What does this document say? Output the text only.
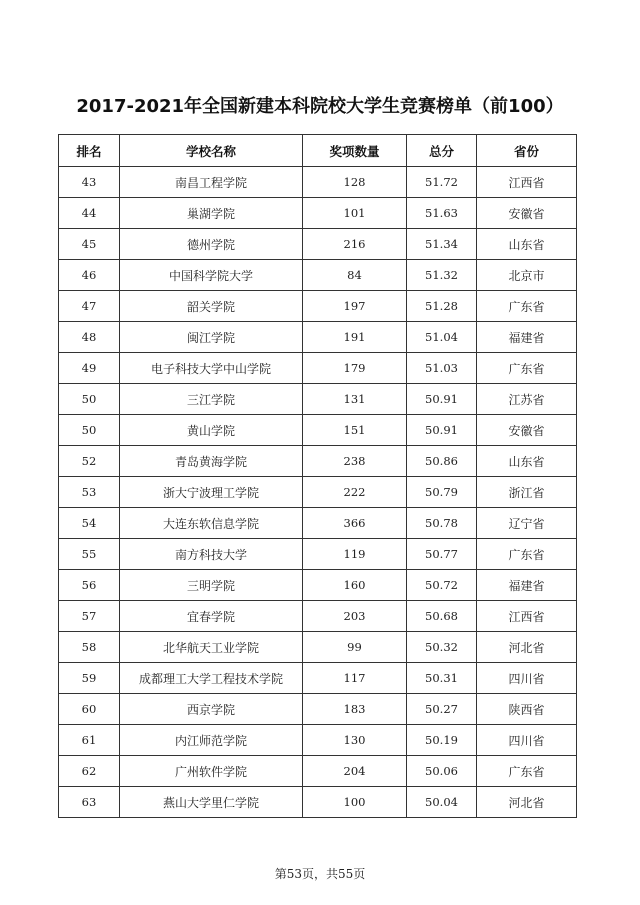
2017-2021年全国新建本科院校大学生竞赛榜单（前100）
排名	学校名称	奖项数量	总分	省份
43	南昌工程学院	128	51.72	江西省
44	巢湖学院	101	51.63	安徽省
45	德州学院	216	51.34	山东省
46	中国科学院大学	84	51.32	北京市
47	韶关学院	197	51.28	广东省
48	闽江学院	191	51.04	福建省
49	电子科技大学中山学院	179	51.03	广东省
50	三江学院	131	50.91	江苏省
50	黄山学院	151	50.91	安徽省
52	青岛黄海学院	238	50.86	山东省
53	浙大宁波理工学院	222	50.79	浙江省
54	大连东软信息学院	366	50.78	辽宁省
55	南方科技大学	119	50.77	广东省
56	三明学院	160	50.72	福建省
57	宜春学院	203	50.68	江西省
58	北华航天工业学院	99	50.32	河北省
59	成都理工大学工程技术学院	117	50.31	四川省
60	西京学院	183	50.27	陕西省
61	内江师范学院	130	50.19	四川省
62	广州软件学院	204	50.06	广东省
63	燕山大学里仁学院	100	50.04	河北省
第53页，共55页
